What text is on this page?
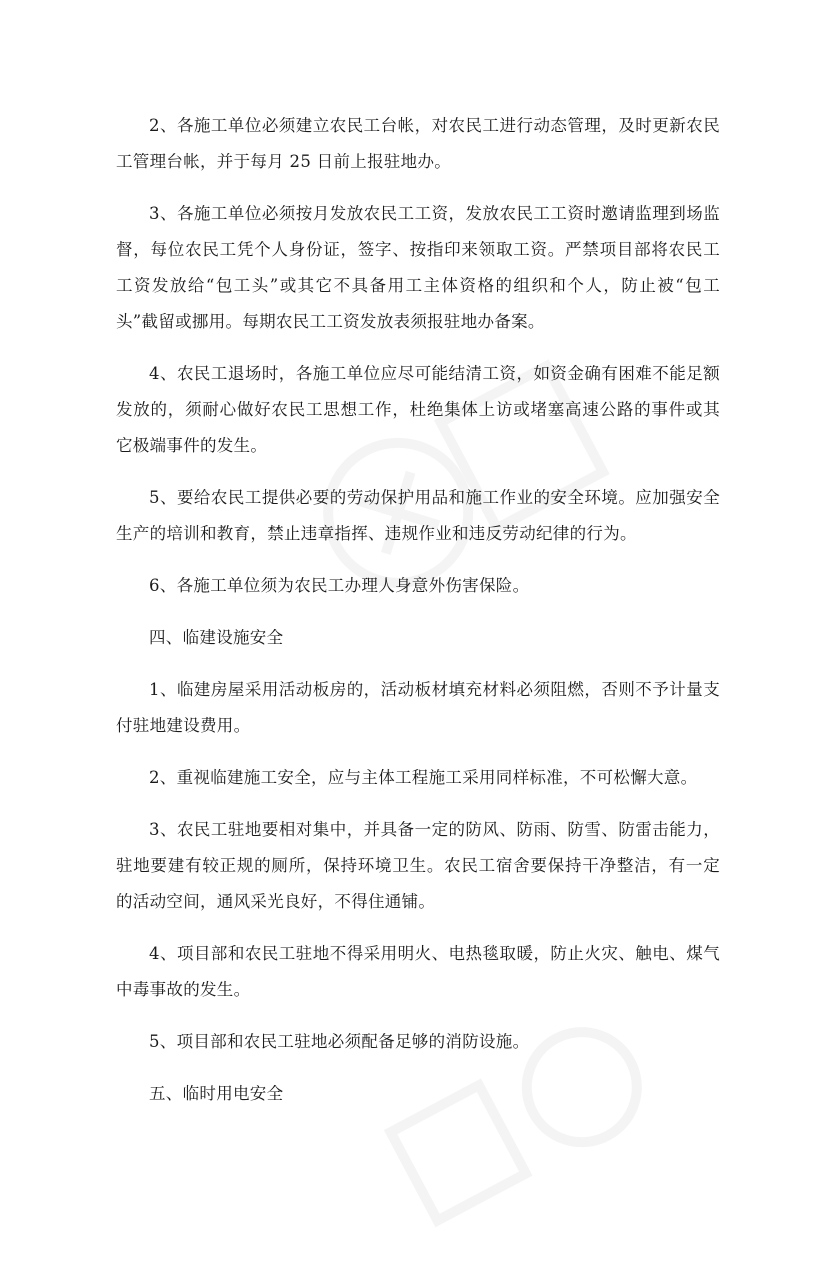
2、各施工单位必须建立农民工台帐，对农民工进行动态管理，及时更新农民工管理台帐，并于每月 25 日前上报驻地办。

3、各施工单位必须按月发放农民工工资，发放农民工工资时邀请监理到场监督，每位农民工凭个人身份证，签字、按指印来领取工资。严禁项目部将农民工工资发放给“包工头”或其它不具备用工主体资格的组织和个人，防止被“包工头”截留或挪用。每期农民工工资发放表须报驻地办备案。

4、农民工退场时，各施工单位应尽可能结清工资，如资金确有困难不能足额发放的，须耐心做好农民工思想工作，杜绝集体上访或堵塞高速公路的事件或其它极端事件的发生。

5、要给农民工提供必要的劳动保护用品和施工作业的安全环境。应加强安全生产的培训和教育，禁止违章指挥、违规作业和违反劳动纪律的行为。

6、各施工单位须为农民工办理人身意外伤害保险。

四、临建设施安全

1、临建房屋采用活动板房的，活动板材填充材料必须阻燃，否则不予计量支付驻地建设费用。

2、重视临建施工安全，应与主体工程施工采用同样标准，不可松懈大意。

3、农民工驻地要相对集中，并具备一定的防风、防雨、防雪、防雷击能力，驻地要建有较正规的厕所，保持环境卫生。农民工宿舍要保持干净整洁，有一定的活动空间，通风采光良好，不得住通铺。

4、项目部和农民工驻地不得采用明火、电热毯取暖，防止火灾、触电、煤气中毒事故的发生。

5、项目部和农民工驻地必须配备足够的消防设施。

五、临时用电安全
